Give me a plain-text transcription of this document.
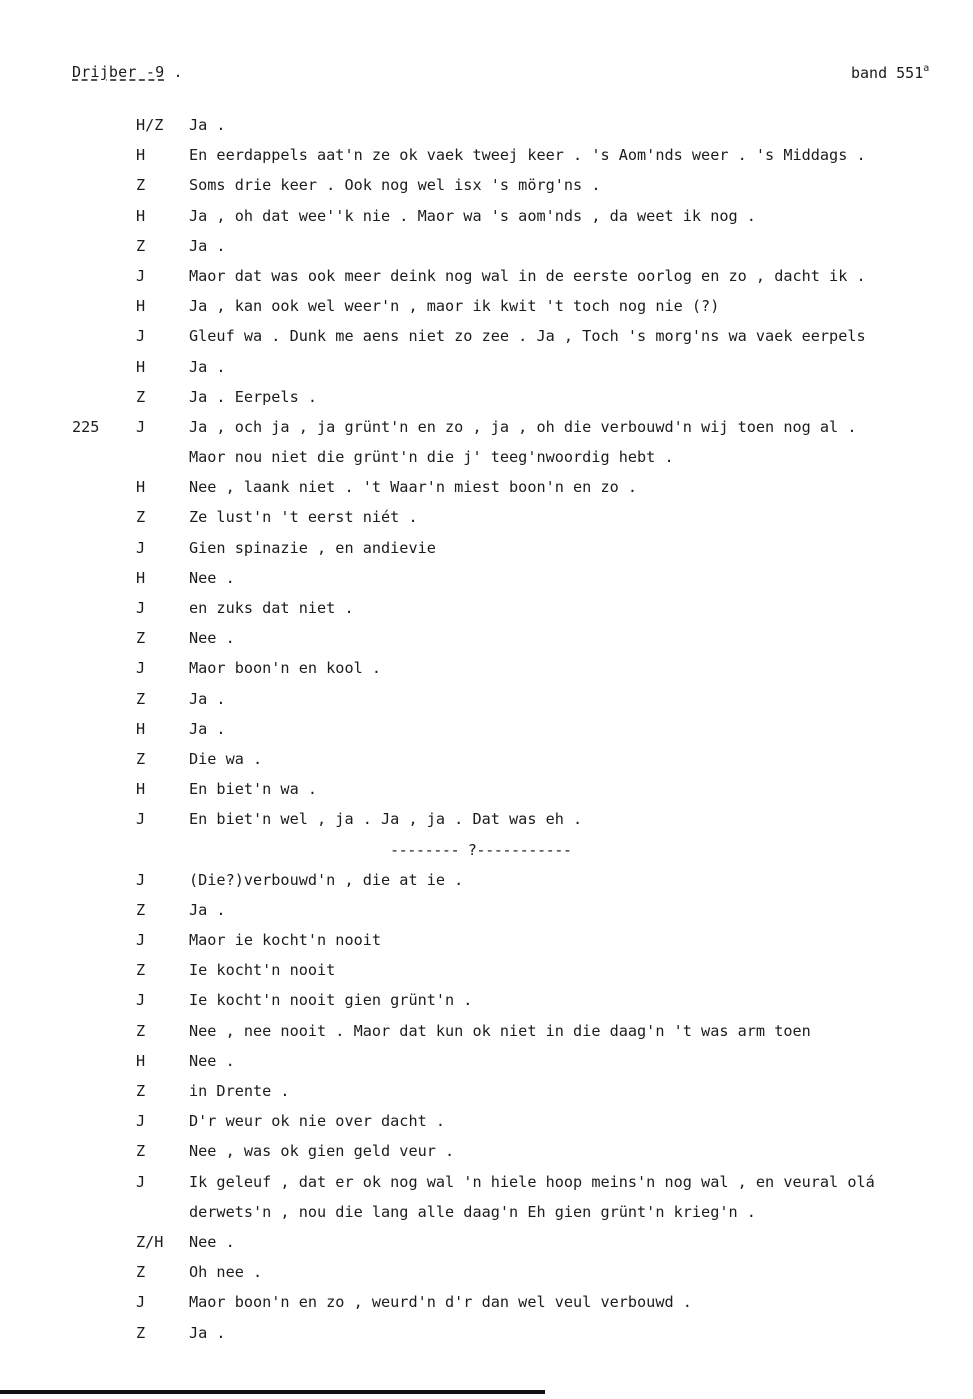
Drijber -9 .	band 551$^a$
H/Z Ja .
H	En eerdappels aat'n ze ok vaek tweej keer . 's Aom'nds weer . 's Middags .
Z	Soms drie keer . Ook nog wel isx 's mörg'ns .
H	Ja , oh dat wee''k nie . Maor wa 's aom'nds , da weet ik nog .
Z	Ja .
J	Maor dat was ook meer deink nog wal in de eerste oorlog en zo , dacht ik .
H	Ja , kan ook wel weer'n , maor ik kwit 't toch nog nie (?)
J	Gleuf wa . Dunk me aens niet zo zee . Ja , Toch 's morg'ns wa vaek eerpels
H	Ja .
Z	Ja . Eerpels .
225 J	Ja , och ja , ja grünt'n en zo , ja , oh die verbouwd'n wij toen nog al .
Maor nou niet die grünt'n die j' teeg'nwoordig hebt .
H	Nee , laank niet . 't Waar'n miest boon'n en zo .
Z	Ze lust'n 't eerst niét .
J	Gien spinazie , en andievie
H	Nee .
J	en zuks dat niet .
Z	Nee .
J	Maor boon'n en kool .
Z	Ja .
H	Ja .
Z	Die wa .
H	En biet'n wa .
J	En biet'n wel , ja . Ja , ja . Dat was eh .
-------- ?-----------
J	(Die?)verbouwd'n , die at ie .
Z	Ja .
J	Maor ie kocht'n nooit
Z	Ie kocht'n nooit
J	Ie kocht'n nooit gien grünt'n .
Z	Nee , nee nooit . Maor dat kun ok niet in die daag'n 't was arm toen
H	Nee .
Z	in Drente .
J	D'r weur ok nie over dacht .
Z	Nee , was ok gien geld veur .
J	Ik geleuf , dat er ok nog wal 'n hiele hoop meins'n nog wal , en veural olá
derwets'n , nou die lang alle daag'n Eh gien grünt'n krieg'n .
Z/H Nee .
Z	Oh nee .
J	Maor boon'n en zo , weurd'n d'r dan wel veul verbouwd .
Z	Ja .
